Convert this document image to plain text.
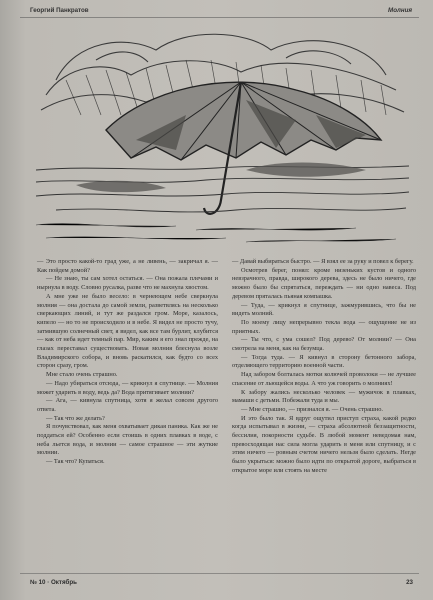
Георгий Панкратов	Молния

— Это просто какой-то град уже, а не ливень, — закричал я. — Как пойдем домой?

— Не знаю, ты сам хотел остаться. — Она пожала плечами и нырнула в воду. Словно русалка, разве что не махнула хвостом.

А мне уже не было весело: в чернеющем небе сверкнула молния — она достала до самой земли, разветвлясь на несколько сверкающих линий, и тут же раздался гром. Море, казалось, кипело — но то не происходило и в небе. Я видел не просто тучу, затмившую солнечный свет, я видел, как все там бурлит, клубится — как от неба идет темный пар. Мир, каким я его знал прежде, на глазах переставал существовать. Новая молния блеснула возле Владимирского собора, и вновь раскатился, как будто со всех сторон сразу, гром.

Мне стало очень страшно.

— Надо убираться отсюда, — крикнул я спутнице. — Молния может ударить в воду, ведь да? Вода притягивает молнии?

— Ага, — кивнула спутница, хотя я желал совсем другого ответа.

— Так что же делать?

Я почувствовал, как меня охватывает дикая паника. Как же не поддаться ей? Особенно если стоишь в одних плавках в воде, с неба льется вода, и молнии — самое страшное — эти жуткие молнии.

— Так что? Купаться.

— Давай выбираться быстро. — Я взял ее за руку и повел к берегу.

Осмотрев берег, понял: кроме низеньких кустов и одного невзрачного, правда, широкого дерева, здесь не было ничего, где можно было бы спрятаться, переждать — ни одно навеса. Под деревом пряталась пьяная компашка.

— Туда, — крикнул я спутнице, зажмурившись, что бы не видеть молний.

По моему лицу непрерывно текла вода — ощущение не из приятных.

— Ты что, с ума сошел? Под дерево? От молнии? — Она смотрела на меня, как на безумца.

— Тогда туда. — Я кивнул в сторону бетонного забора, отделяющего территорию военной части.

Над забором болталась мотки колючей проволоки — не лучшее спасение от льющейся воды. А что уж говорить о молниях!

К забору жались несколько человек — мужичок в плавках, мамаши с детьми. Побежали туда и мы.

— Мне страшно, — признался я. — Очень страшно.

И это было так. Я вдруг ощутил приступ страха, какой редко когда испытывал в жизни, — страха абсолютной беззащитности, бессилия, покорности судьбе. В любой момент неведомая нам, превосходящая нас сила могла ударить в меня или спутницу, и с этим ничего — ровным счетом ничего нельзя было сделать. Негде было укрыться: можно было идти по открытой дороге, выбраться в открытое море или стоять на месте

№ 10 · Октябрь	23
